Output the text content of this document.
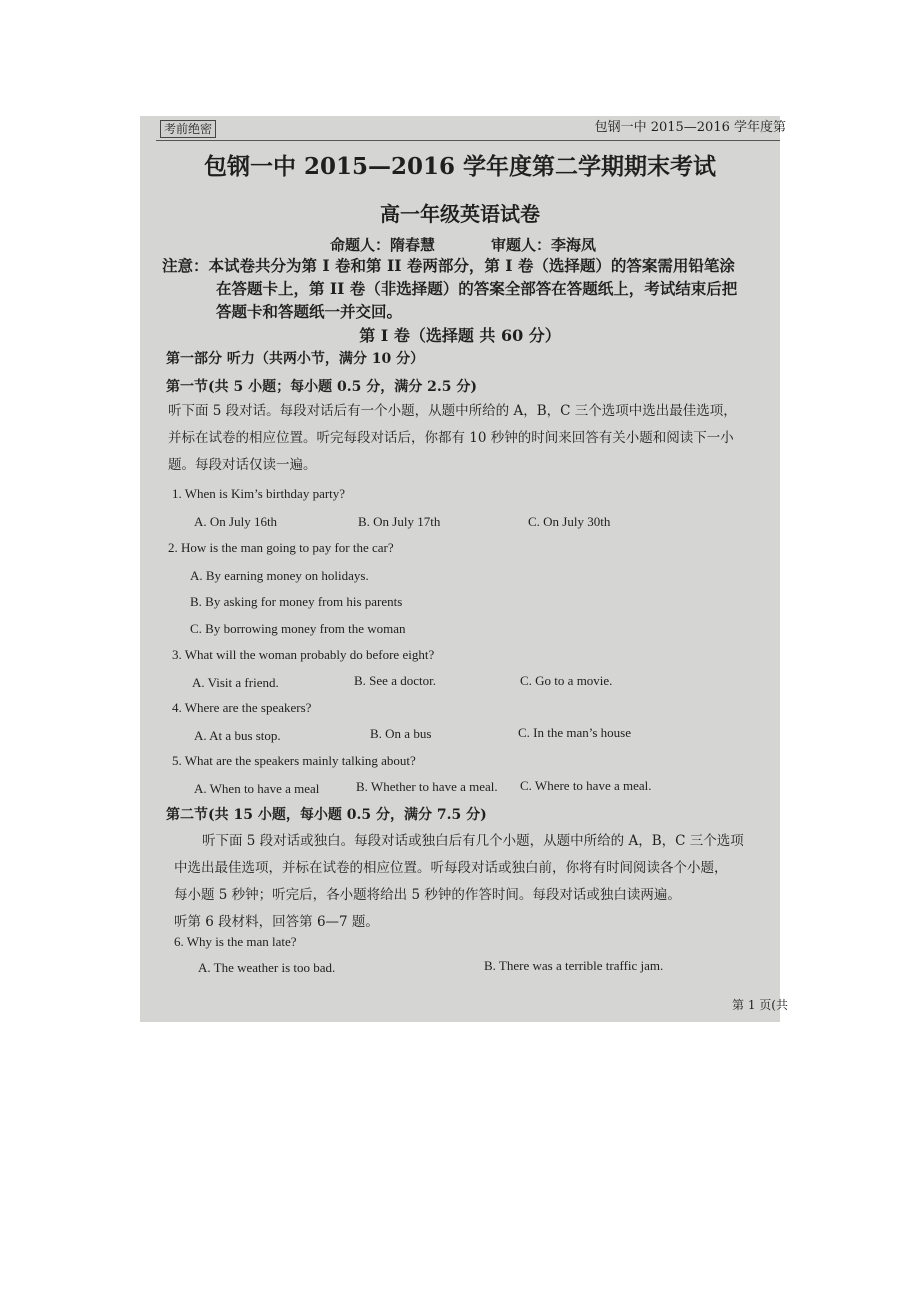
考前绝密	包钢一中 2015—2016 学年度第
包钢一中 2015—2016 学年度第二学期期末考试
高一年级英语试卷
命题人：隋春慧	审题人：李海凤
注意：本试卷共分为第 I 卷和第 II 卷两部分，第 I 卷（选择题）的答案需用铅笔涂
在答题卡上，第 II 卷（非选择题）的答案全部答在答题纸上，考试结束后把
答题卡和答题纸一并交回。
第 I 卷（选择题 共 60 分）
第一部分 听力（共两小节，满分 10 分）
第一节(共 5 小题；每小题 0.5 分，满分 2.5 分)
听下面 5 段对话。每段对话后有一个小题，从题中所给的 A，B，C 三个选项中选出最佳选项，
并标在试卷的相应位置。听完每段对话后，你都有 10 秒钟的时间来回答有关小题和阅读下一小
题。每段对话仅读一遍。
1. When is Kim’s birthday party?
A. On July 16th	B. On July 17th	C. On July 30th
2. How is the man going to pay for the car?
A. By earning money on holidays.
B. By asking for money from his parents
C. By borrowing money from the woman
3. What will the woman probably do before eight?
A. Visit a friend.	B. See a doctor.	C. Go to a movie.
4. Where are the speakers?
A. At a bus stop.	B. On a bus	C. In the man’s house
5. What are the speakers mainly talking about?
A. When to have a meal	B. Whether to have a meal. C. Where to have a meal.
第二节(共 15 小题，每小题 0.5 分，满分 7.5 分)
听下面 5 段对话或独白。每段对话或独白后有几个小题，从题中所给的 A，B，C 三个选项
中选出最佳选项，并标在试卷的相应位置。听每段对话或独白前，你将有时间阅读各个小题，
每小题 5 秒钟；听完后，各小题将给出 5 秒钟的作答时间。每段对话或独白读两遍。
听第 6 段材料，回答第 6—7 题。
6. Why is the man late?
A. The weather is too bad.	B. There was a terrible traffic jam.
第 1 页(共
